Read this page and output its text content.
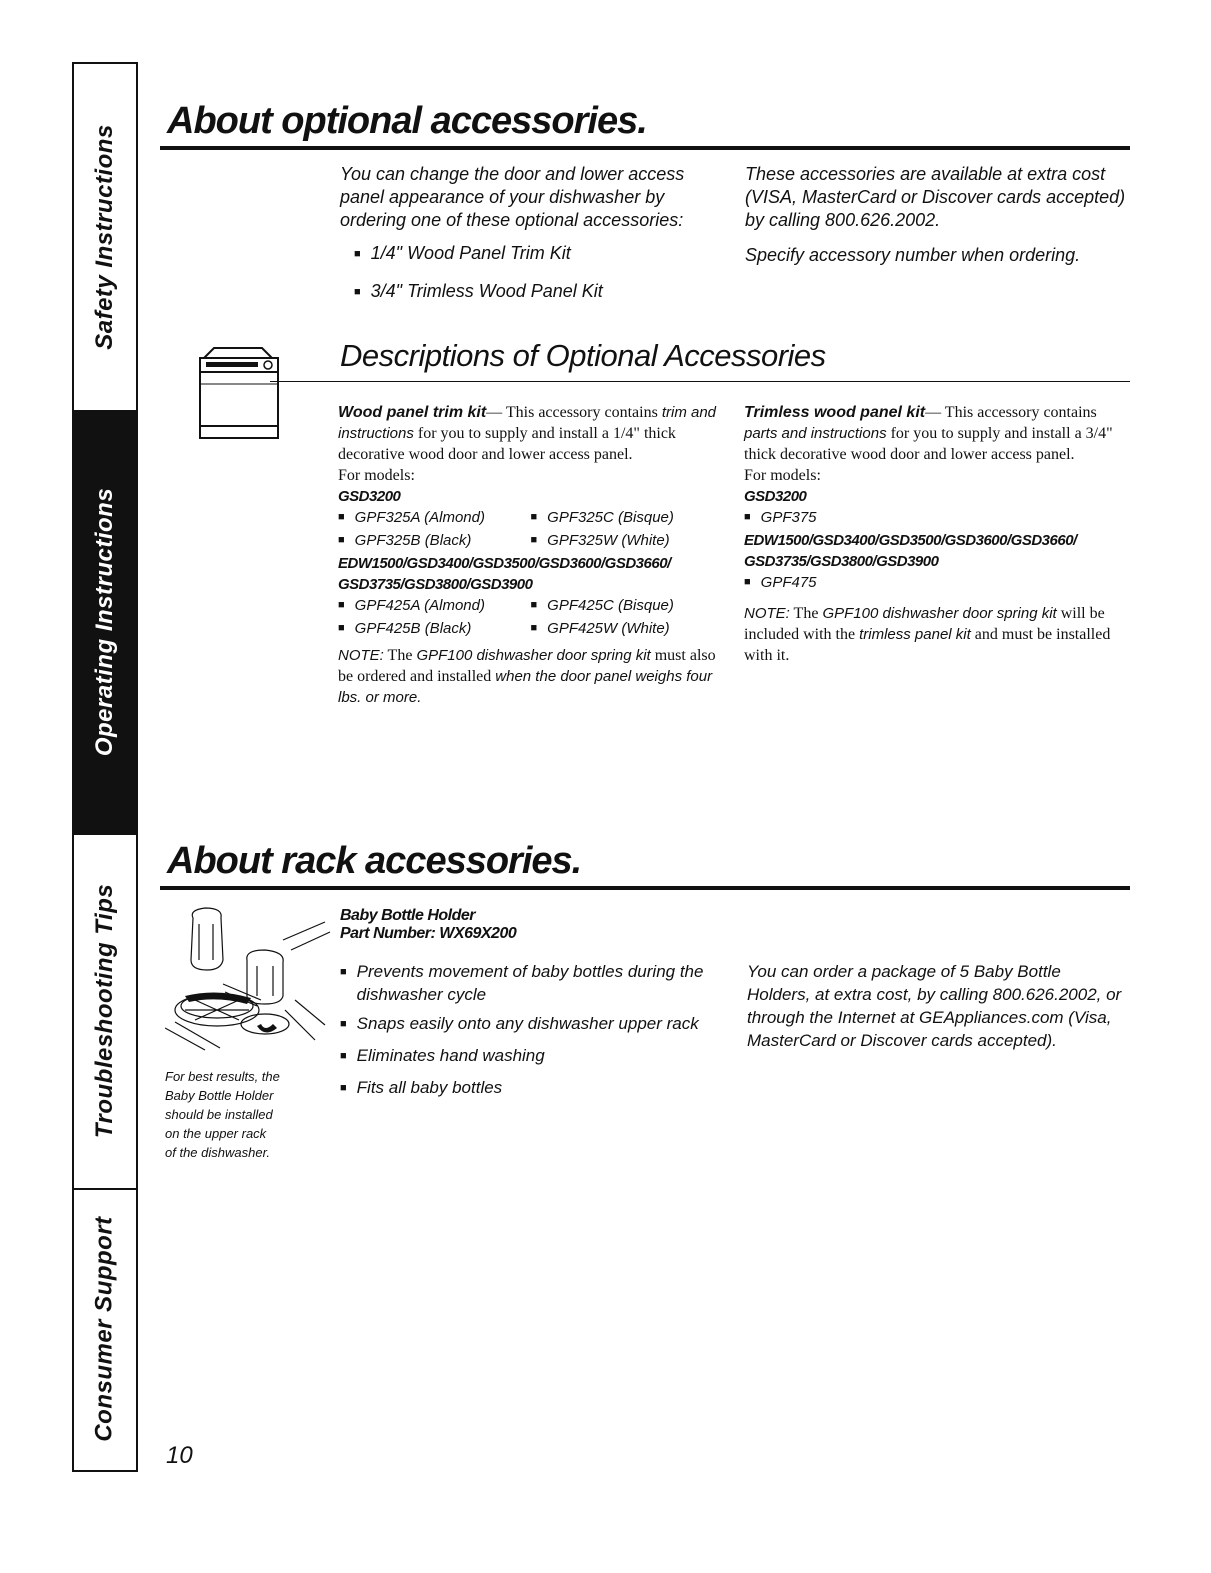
Safety Instructions
Operating Instructions
Troubleshooting Tips
Consumer Support
About optional accessories.
You can change the door and lower access panel appearance of your dishwasher by ordering one of these optional accessories:
■ 1/4" Wood Panel Trim Kit
■ 3/4" Trimless Wood Panel Kit
These accessories are available at extra cost (VISA, MasterCard or Discover cards accepted) by calling 800.626.2002.
Specify accessory number when ordering.
Descriptions of Optional Accessories
Wood panel trim kit— This accessory contains trim and instructions for you to supply and install a 1/4" thick decorative wood door and lower access panel.
For models:
GSD3200
■ GPF325A (Almond)	■ GPF325C (Bisque)
■ GPF325B (Black)	■ GPF325W (White)
EDW1500/GSD3400/GSD3500/GSD3600/GSD3660/
GSD3735/GSD3800/GSD3900
■ GPF425A (Almond)	■ GPF425C (Bisque)
■ GPF425B (Black)	■ GPF425W (White)
NOTE: The GPF100 dishwasher door spring kit must also be ordered and installed when the door panel weighs four lbs. or more.
Trimless wood panel kit— This accessory contains parts and instructions for you to supply and install a 3/4" thick decorative wood door and lower access panel.
For models:
GSD3200
■ GPF375
EDW1500/GSD3400/GSD3500/GSD3600/GSD3660/
GSD3735/GSD3800/GSD3900
■ GPF475
NOTE: The GPF100 dishwasher door spring kit will be included with the trimless panel kit and must be installed with it.
About rack accessories.
For best results, the
Baby Bottle Holder
should be installed
on the upper rack
of the dishwasher.
Baby Bottle Holder
Part Number: WX69X200
■
Prevents movement of baby bottles during the dishwasher cycle
■
Snaps easily onto any dishwasher upper rack
■
Eliminates hand washing
■
Fits all baby bottles
You can order a package of 5 Baby Bottle Holders, at extra cost, by calling 800.626.2002, or through the Internet at GEAppliances.com (Visa, MasterCard or Discover cards accepted).
10
